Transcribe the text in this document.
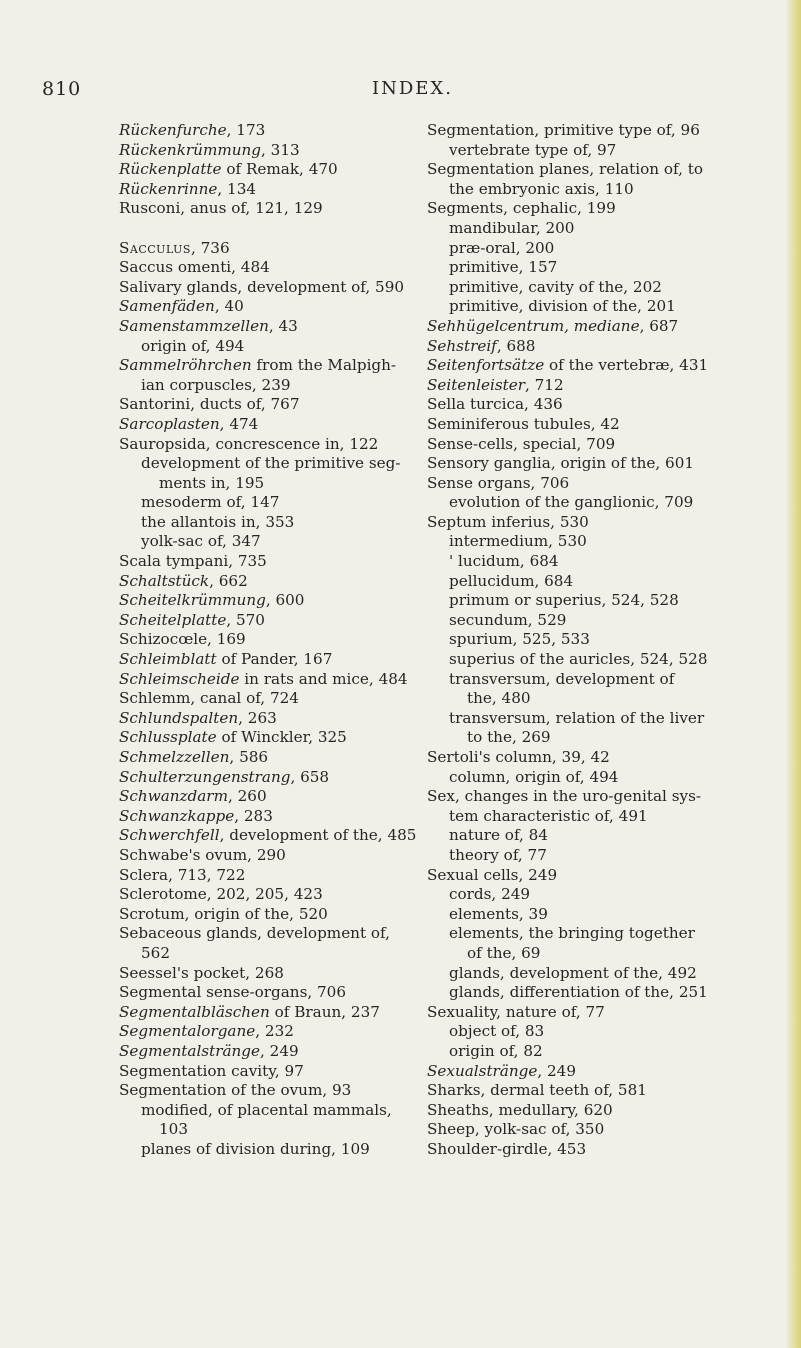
810	INDEX.
Rückenfurche, 173
Rückenkrümmung, 313
Rückenplatte of Remak, 470
Rückenrinne, 134
Rusconi, anus of, 121, 129
Sacculus, 736
Saccus omenti, 484
Salivary glands, development of, 590
Samenfäden, 40
Samenstammzellen, 43
origin of, 494
Sammelröhrchen from the Malpigh-
ian corpuscles, 239
Santorini, ducts of, 767
Sarcoplasten, 474
Sauropsida, concrescence in, 122
development of the primitive seg-
ments in, 195
mesoderm of, 147
the allantois in, 353
yolk-sac of, 347
Scala tympani, 735
Schaltstück, 662
Scheitelkrümmung, 600
Scheitelplatte, 570
Schizocœle, 169
Schleimblatt of Pander, 167
Schleimscheide in rats and mice, 484
Schlemm, canal of, 724
Schlundspalten, 263
Schlussplate of Winckler, 325
Schmelzzellen, 586
Schulterzungenstrang, 658
Schwanzdarm, 260
Schwanzkappe, 283
Schwerchfell, development of the, 485
Schwabe's ovum, 290
Sclera, 713, 722
Sclerotome, 202, 205, 423
Scrotum, origin of the, 520
Sebaceous glands, development of,
562
Seessel's pocket, 268
Segmental sense-organs, 706
Segmentalbläschen of Braun, 237
Segmentalorgane, 232
Segmentalstränge, 249
Segmentation cavity, 97
Segmentation of the ovum, 93
modified, of placental mammals,
103
planes of division during, 109
Segmentation, primitive type of, 96
vertebrate type of, 97
Segmentation planes, relation of, to
the embryonic axis, 110
Segments, cephalic, 199
mandibular, 200
præ-oral, 200
primitive, 157
primitive, cavity of the, 202
primitive, division of the, 201
Sehhügelcentrum, mediane, 687
Sehstreif, 688
Seitenfortsätze of the vertebræ, 431
Seitenleister, 712
Sella turcica, 436
Seminiferous tubules, 42
Sense-cells, special, 709
Sensory ganglia, origin of the, 601
Sense organs, 706
evolution of the ganglionic, 709
Septum inferius, 530
intermedium, 530
' lucidum, 684
pellucidum, 684
primum or superius, 524, 528
secundum, 529
spurium, 525, 533
superius of the auricles, 524, 528
transversum, development of
the, 480
transversum, relation of the liver
to the, 269
Sertoli's column, 39, 42
column, origin of, 494
Sex, changes in the uro-genital sys-
tem characteristic of, 491
nature of, 84
theory of, 77
Sexual cells, 249
cords, 249
elements, 39
elements, the bringing together
of the, 69
glands, development of the, 492
glands, differentiation of the, 251
Sexuality, nature of, 77
object of, 83
origin of, 82
Sexualstränge, 249
Sharks, dermal teeth of, 581
Sheaths, medullary, 620
Sheep, yolk-sac of, 350
Shoulder-girdle, 453
